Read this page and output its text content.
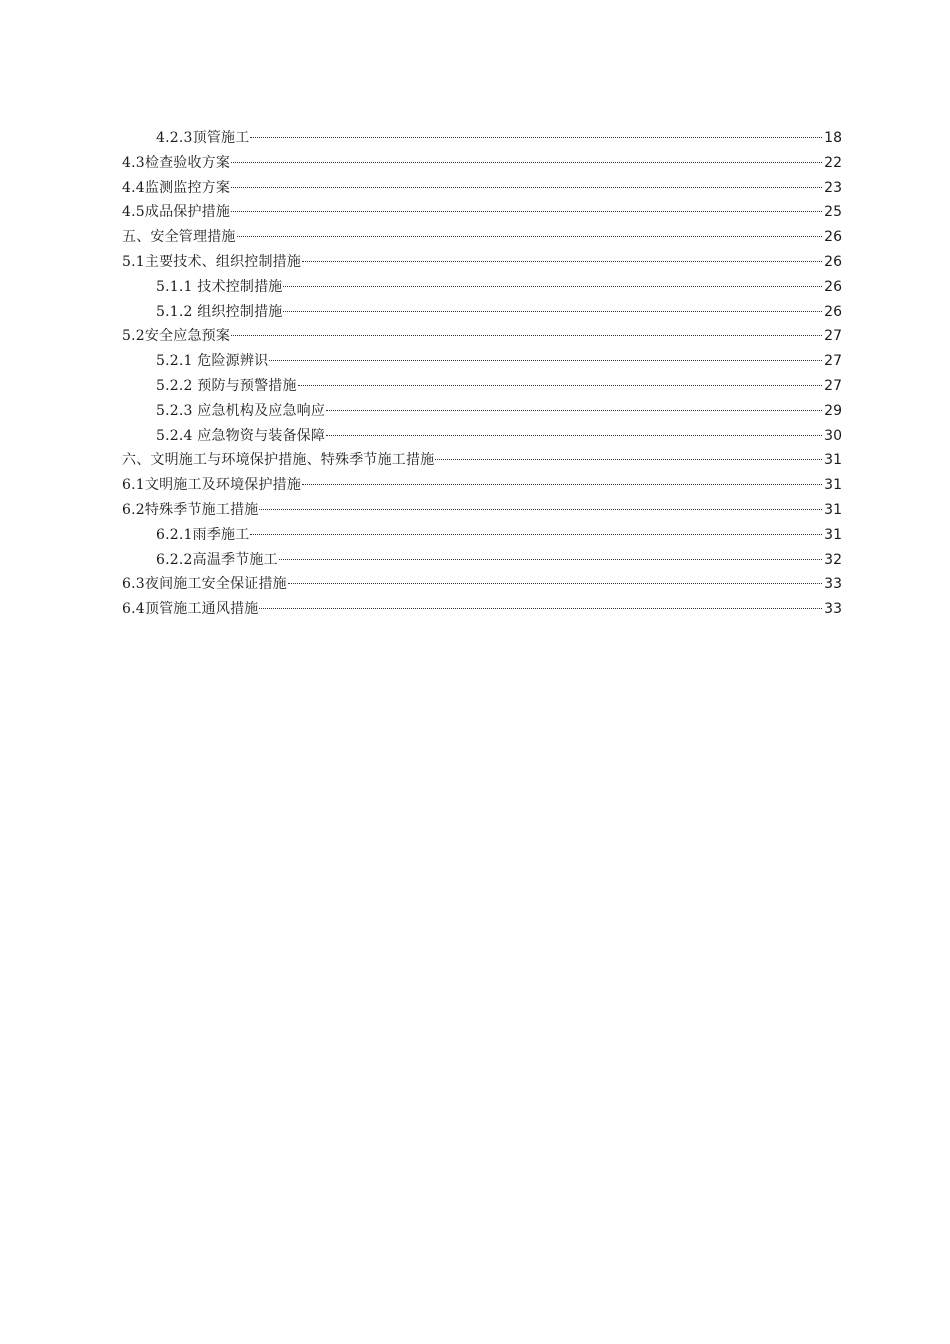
4.2.3顶管施工	18
4.3检查验收方案	22
4.4监测监控方案	23
4.5成品保护措施	25
五、安全管理措施	26
5.1主要技术、组织控制措施	26
5.1.1 技术控制措施	26
5.1.2 组织控制措施	26
5.2安全应急预案	27
5.2.1 危险源辨识	27
5.2.2 预防与预警措施	27
5.2.3 应急机构及应急响应	29
5.2.4 应急物资与装备保障	30
六、文明施工与环境保护措施、特殊季节施工措施	31
6.1文明施工及环境保护措施	31
6.2特殊季节施工措施	31
6.2.1雨季施工	31
6.2.2高温季节施工	32
6.3夜间施工安全保证措施	33
6.4顶管施工通风措施	33
